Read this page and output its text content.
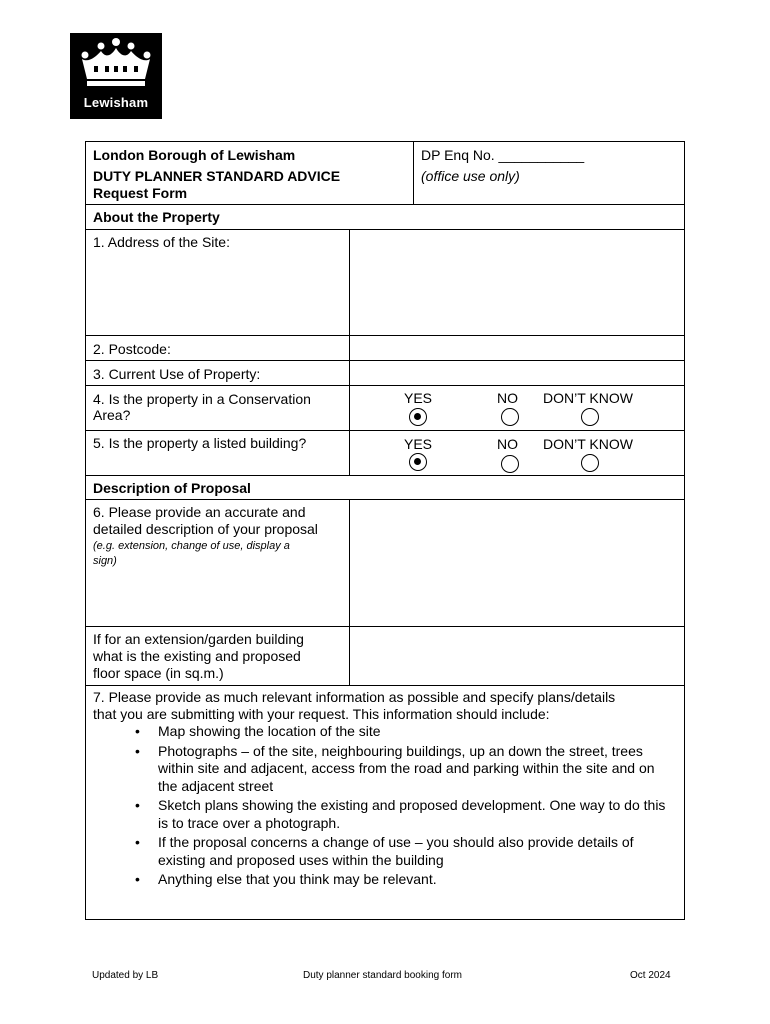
Lewisham
London Borough of Lewisham
DUTY PLANNER STANDARD ADVICE
Request Form
DP Enq No. ___________
(office use only)
About the Property
1. Address of the Site:
2. Postcode:
3. Current Use of Property:
4. Is the property in a Conservation
Area?
YES	NO DON’T KNOW
5. Is the property a listed building?	YES	NO DON’T KNOW
Description of Proposal
6. Please provide an accurate and
detailed description of your proposal
(e.g. extension, change of use, display a
sign)
If for an extension/garden building
what is the existing and proposed
floor space (in sq.m.)
7. Please provide as much relevant information as possible and specify plans/details
that you are submitting with your request. This information should include:
• Map showing the location of the site
• Photographs – of the site, neighbouring buildings, up an down the street, trees within site and adjacent, access from the road and parking within the site and on the adjacent street
• Sketch plans showing the existing and proposed development. One way to do this is to trace over a photograph.
• If the proposal concerns a change of use – you should also provide details of existing and proposed uses within the building
• Anything else that you think may be relevant.
Updated by LB	Duty planner standard booking form	Oct 2024
